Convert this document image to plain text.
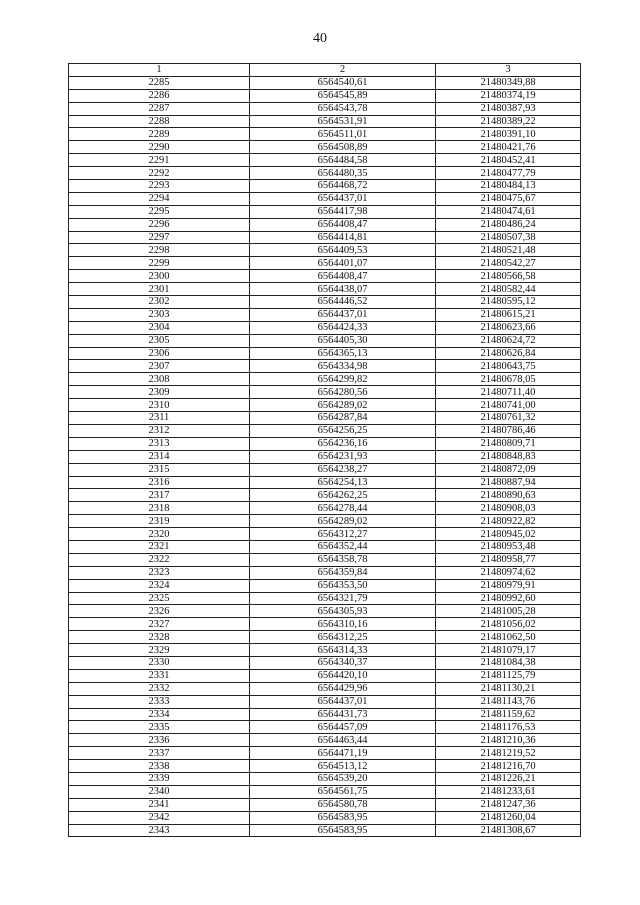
40
1	2	3
2285	6564540,61	21480349,88
2286	6564545,89	21480374,19
2287	6564543,78	21480387,93
2288	6564531,91	21480389,22
2289	6564511,01	21480391,10
2290	6564508,89	21480421,76
2291	6564484,58	21480452,41
2292	6564480,35	21480477,79
2293	6564468,72	21480484,13
2294	6564437,01	21480475,67
2295	6564417,98	21480474,61
2296	6564408,47	21480486,24
2297	6564414,81	21480507,38
2298	6564409,53	21480521,48
2299	6564401,07	21480542,27
2300	6564408,47	21480566,58
2301	6564438,07	21480582,44
2302	6564446,52	21480595,12
2303	6564437,01	21480615,21
2304	6564424,33	21480623,66
2305	6564405,30	21480624,72
2306	6564365,13	21480626,84
2307	6564334,98	21480643,75
2308	6564299,82	21480678,05
2309	6564280,56	21480711,40
2310	6564289,02	21480741,00
2311	6564287,84	21480761,32
2312	6564256,25	21480786,46
2313	6564236,16	21480809,71
2314	6564231,93	21480848,83
2315	6564238,27	21480872,09
2316	6564254,13	21480887,94
2317	6564262,25	21480890,63
2318	6564278,44	21480908,03
2319	6564289,02	21480922,82
2320	6564312,27	21480945,02
2321	6564352,44	21480953,48
2322	6564358,78	21480958,77
2323	6564359,84	21480974,62
2324	6564353,50	21480979,91
2325	6564321,79	21480992,60
2326	6564305,93	21481005,28
2327	6564310,16	21481056,02
2328	6564312,25	21481062,50
2329	6564314,33	21481079,17
2330	6564340,37	21481084,38
2331	6564420,10	21481125,79
2332	6564429,96	21481130,21
2333	6564437,01	21481143,76
2334	6564431,73	21481159,62
2335	6564457,09	21481176,53
2336	6564463,44	21481210,36
2337	6564471,19	21481219,52
2338	6564513,12	21481216,70
2339	6564539,20	21481226,21
2340	6564561,75	21481233,61
2341	6564580,78	21481247,36
2342	6564583,95	21481260,04
2343	6564583,95	21481308,67
